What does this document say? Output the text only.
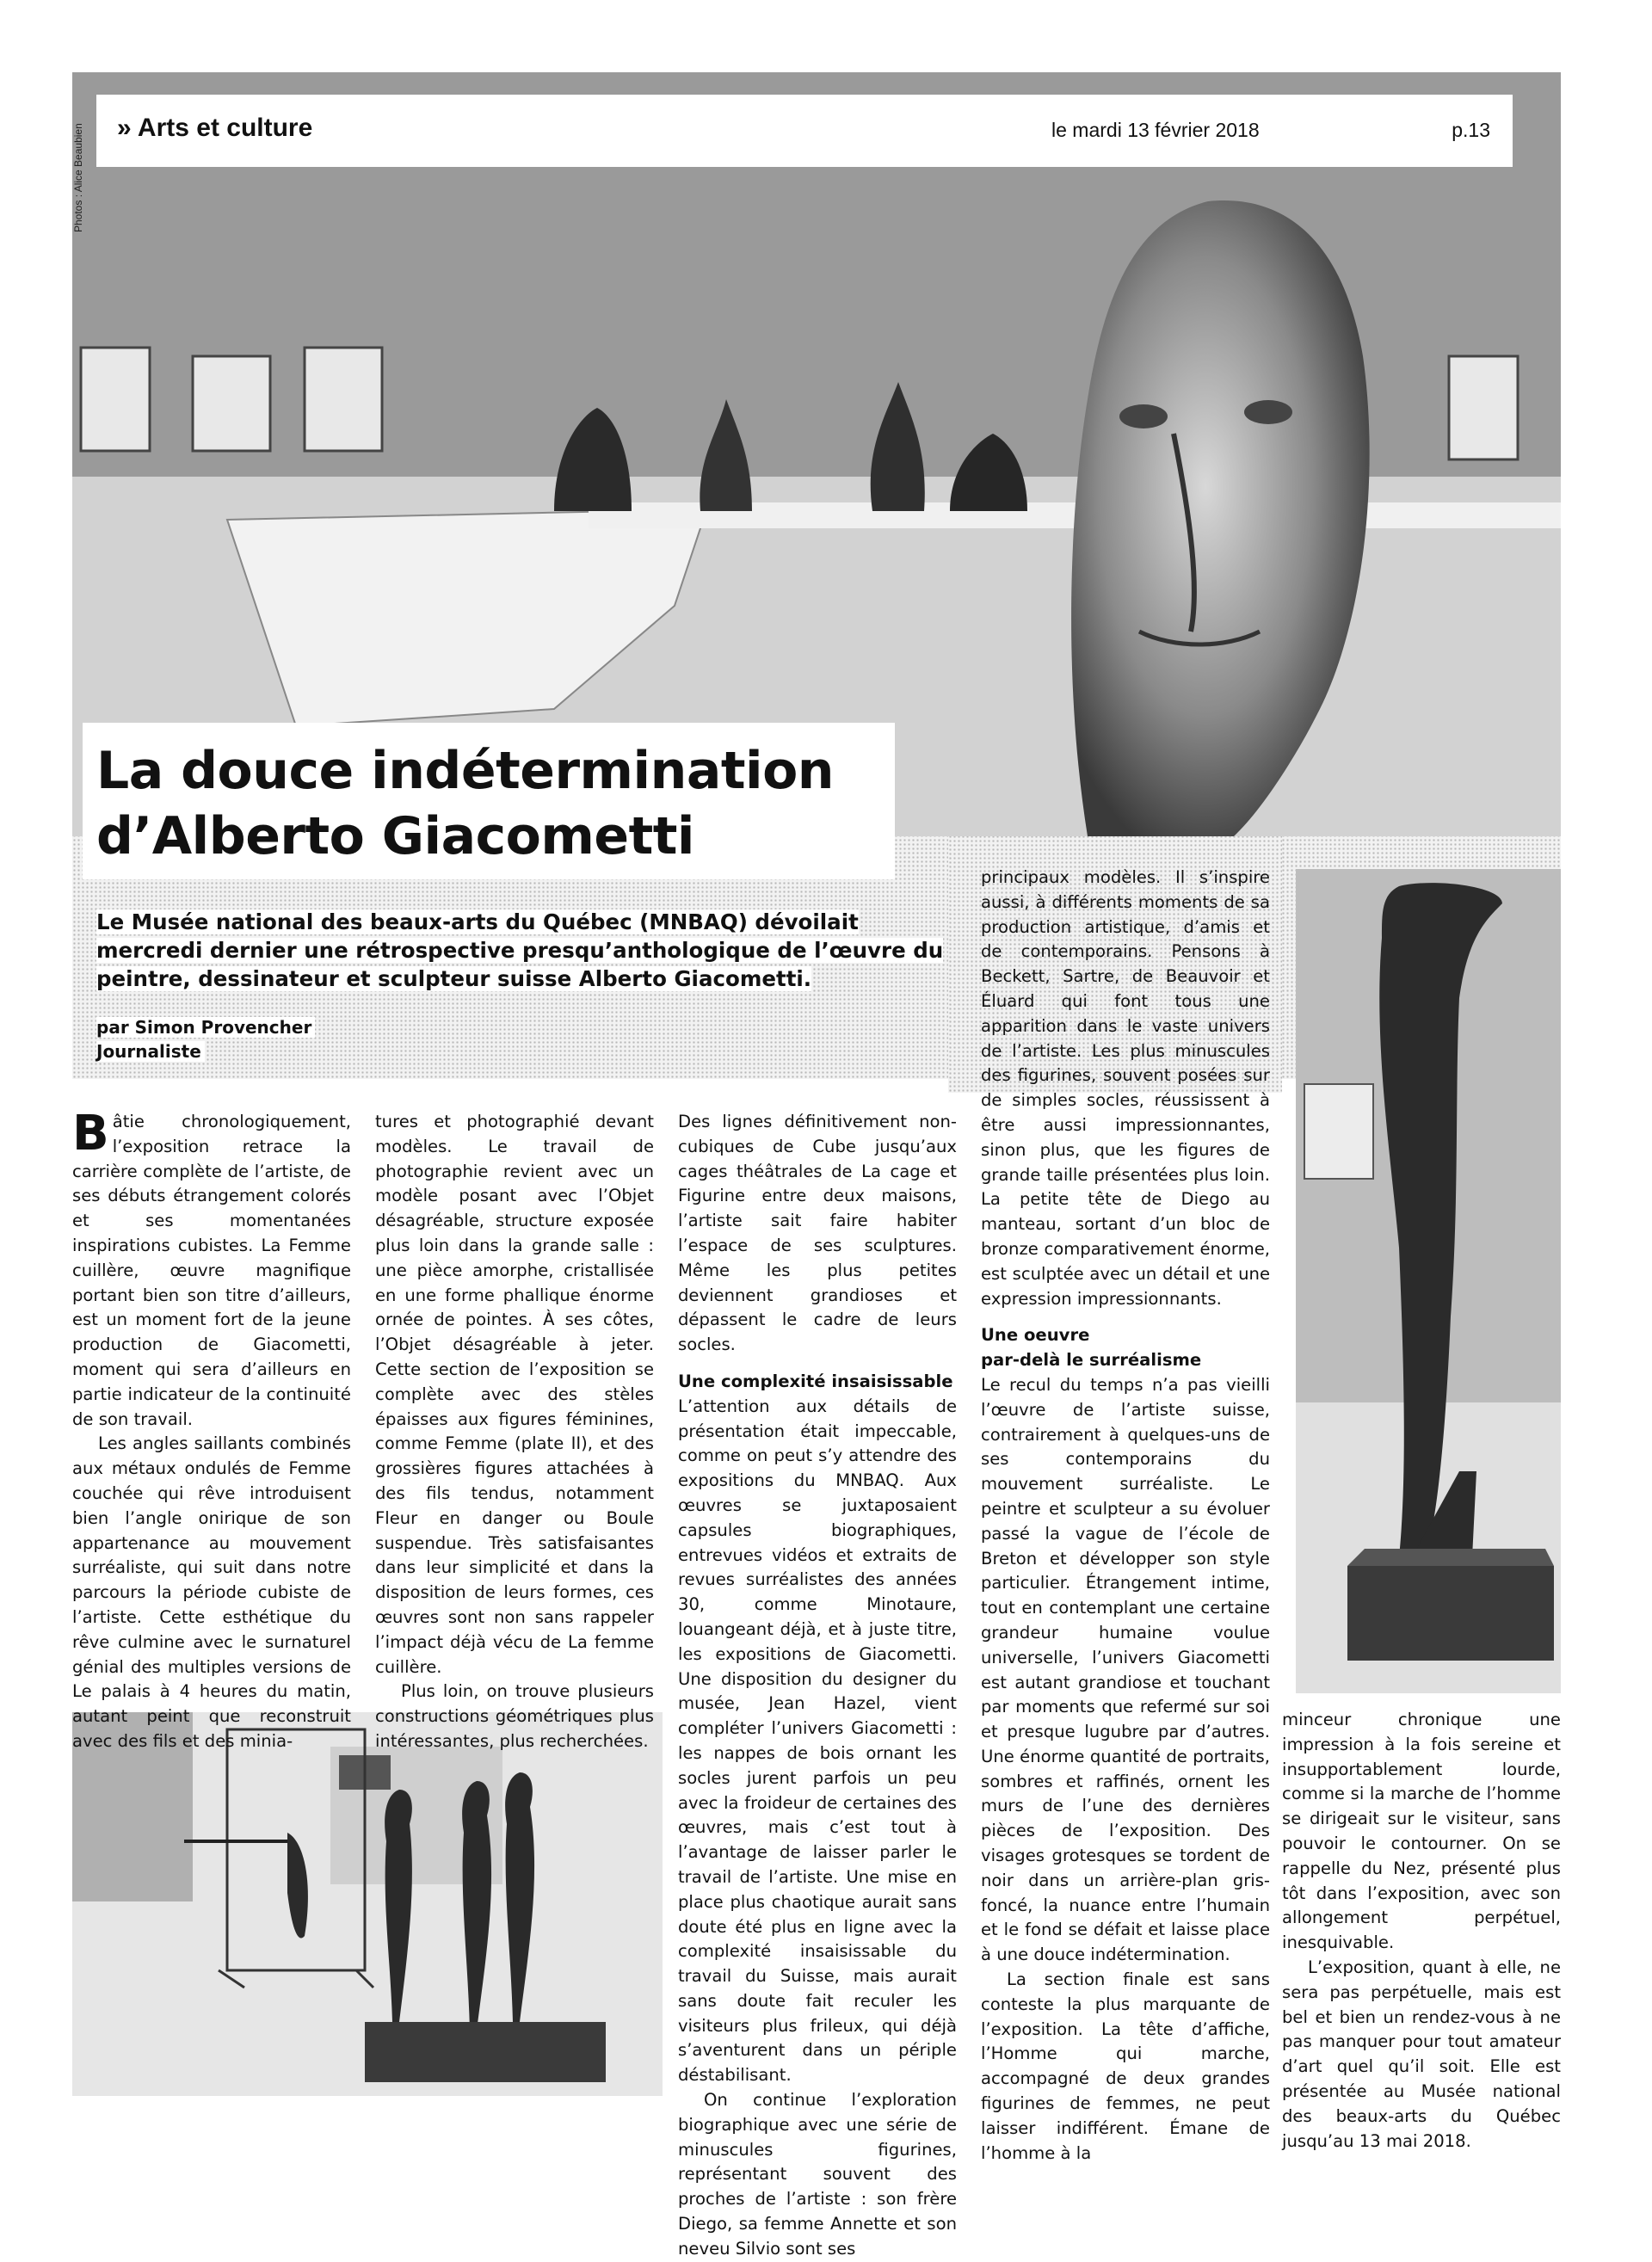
» Arts et culture	le mardi 13 février 2018	p.13
Photos : Alice Beaubien
La douce indétermination
d’Alberto Giacometti
Le Musée national des beaux-arts du Québec (MNBAQ) dévoilait mercredi dernier une rétrospective presqu’anthologique de l’œuvre du peintre, dessinateur et sculpteur suisse Alberto Giacometti.
par Simon Provencher
Journaliste

Bâtie chronologiquement, l’exposition retrace la carrière complète de l’artiste, de ses débuts étrangement colorés et ses momentanées inspirations cubistes. La Femme cuillère, œuvre magnifique portant bien son titre d’ailleurs, est un moment fort de la jeune production de Giacometti, moment qui sera d’ailleurs en partie indicateur de la continuité de son travail.

Les angles saillants combinés aux métaux ondulés de Femme couchée qui rêve introduisent bien l’angle onirique de son appartenance au mouvement surréaliste, qui suit dans notre parcours la période cubiste de l’artiste. Cette esthétique du rêve culmine avec le surnaturel génial des multiples versions de Le palais à 4 heures du matin, autant peint que reconstruit avec des fils et des minia-

tures et photographié devant modèles. Le travail de photographie revient avec un modèle posant avec l’Objet désagréable, structure exposée plus loin dans la grande salle : une pièce amorphe, cristallisée en une forme phallique énorme ornée de pointes. À ses côtes, l’Objet désagréable à jeter. Cette section de l’exposition se complète avec des stèles épaisses aux figures féminines, comme Femme (plate II), et des grossières figures attachées à des fils tendus, notamment Fleur en danger ou Boule suspendue. Très satisfaisantes dans leur simplicité et dans la disposition de leurs formes, ces œuvres sont non sans rappeler l’impact déjà vécu de La femme cuillère.

Plus loin, on trouve plusieurs constructions géométriques plus intéressantes, plus recherchées.

Des lignes définitivement non-cubiques de Cube jusqu’aux cages théâtrales de La cage et Figurine entre deux maisons, l’artiste sait faire habiter l’espace de ses sculptures. Même les plus petites deviennent grandioses et dépassent le cadre de leurs socles.

Une complexité insaisissable

L’attention aux détails de présentation était impeccable, comme on peut s’y attendre des expositions du MNBAQ. Aux œuvres se juxtaposaient capsules biographiques, entrevues vidéos et extraits de revues surréalistes des années 30, comme Minotaure, louangeant déjà, et à juste titre, les expositions de Giacometti. Une disposition du designer du musée, Jean Hazel, vient compléter l’univers Giacometti : les nappes de bois ornant les socles jurent parfois un peu avec la froideur de certaines des œuvres, mais c’est tout à l’avantage de laisser parler le travail de l’artiste. Une mise en place plus chaotique aurait sans doute été plus en ligne avec la complexité insaisissable du travail du Suisse, mais aurait sans doute fait reculer les visiteurs plus frileux, qui déjà s’aventurent dans un périple déstabilisant.

On continue l’exploration biographique avec une série de minuscules figurines, représentant souvent des proches de l’artiste : son frère Diego, sa femme Annette et son neveu Silvio sont ses

principaux modèles. Il s’inspire aussi, à différents moments de sa production artistique, d’amis et de contemporains. Pensons à Beckett, Sartre, de Beauvoir et Éluard qui font tous une apparition dans le vaste univers de l’artiste. Les plus minuscules des figurines, souvent posées sur de simples socles, réussissent à être aussi impressionnantes, sinon plus, que les figures de grande taille présentées plus loin. La petite tête de Diego au manteau, sortant d’un bloc de bronze comparativement énorme, est sculptée avec un détail et une expression impressionnants.

Une oeuvre
par-delà le surréalisme

Le recul du temps n’a pas vieilli l’œuvre de l’artiste suisse, contrairement à quelques-uns de ses contemporains du mouvement surréaliste. Le peintre et sculpteur a su évoluer passé la vague de l’école de Breton et développer son style particulier. Étrangement intime, tout en contemplant une certaine grandeur humaine voulue universelle, l’univers Giacometti est autant grandiose et touchant par moments que refermé sur soi et presque lugubre par d’autres. Une énorme quantité de portraits, sombres et raffinés, ornent les murs de l’une des dernières pièces de l’exposition. Des visages grotesques se tordent de noir dans un arrière-plan gris-foncé, la nuance entre l’humain et le fond se défait et laisse place à une douce indétermination.

La section finale est sans conteste la plus marquante de l’exposition. La tête d’affiche, l’Homme qui marche, accompagné de deux grandes figurines de femmes, ne peut laisser indifférent. Émane de l’homme à la

minceur chronique une impression à la fois sereine et insupportablement lourde, comme si la marche de l’homme se dirigeait sur le visiteur, sans pouvoir le contourner. On se rappelle du Nez, présenté plus tôt dans l’exposition, avec son allongement perpétuel, inesquivable.

L’exposition, quant à elle, ne sera pas perpétuelle, mais est bel et bien un rendez-vous à ne pas manquer pour tout amateur d’art quel qu’il soit. Elle est présentée au Musée national des beaux-arts du Québec jusqu’au 13 mai 2018.
